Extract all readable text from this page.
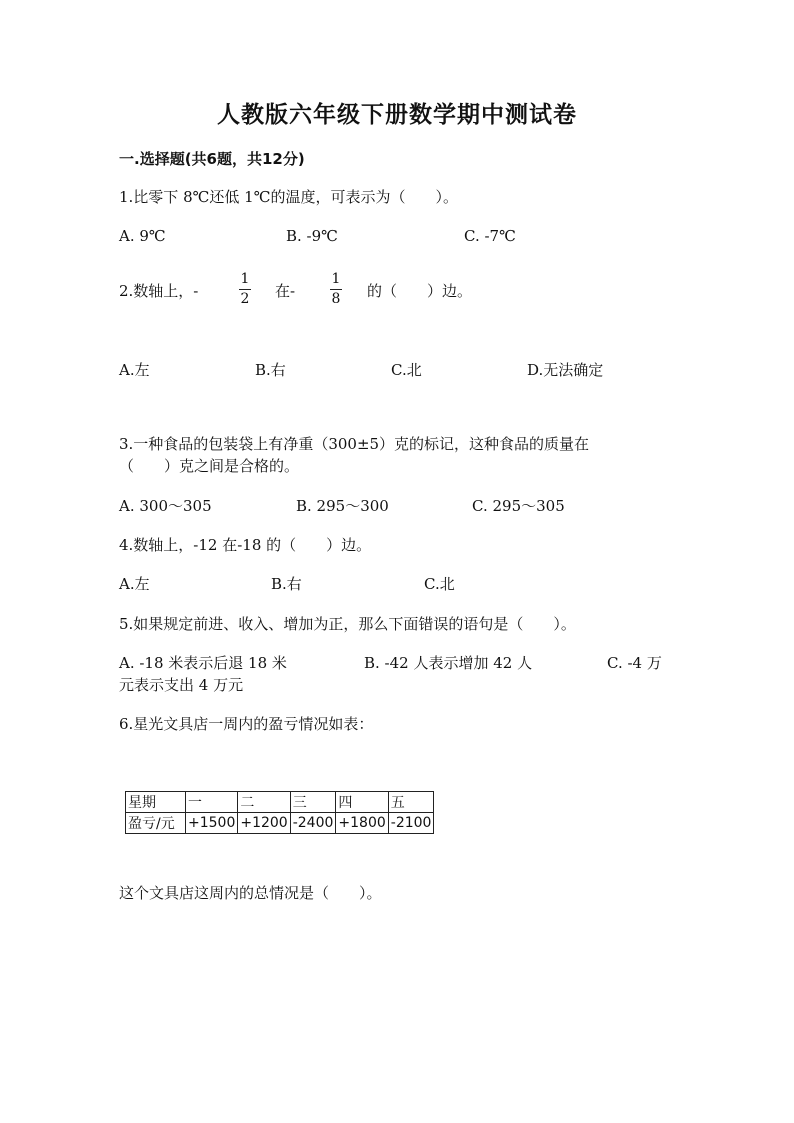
人教版六年级下册数学期中测试卷
一.选择题(共6题，共12分)
1.比零下 8℃还低 1℃的温度，可表示为（　　）。
A. 9℃	B. -9℃	C. -7℃
2.数轴上，-
1
2 在-
1
8 的（　　）边。
A.左	B.右	C.北	D.无法确定
3.一种食品的包装袋上有净重（300±5）克的标记，这种食品的质量在
（　　）克之间是合格的。
A. 300～305	B. 295～300	C. 295～305
4.数轴上，-12 在-18 的（　　）边。
A.左	B.右	C.北
5.如果规定前进、收入、增加为正，那么下面错误的语句是（　　）。
A. -18 米表示后退 18 米	B. -42 人表示增加 42 人	C. -4 万
元表示支出 4 万元
6.星光文具店一周内的盈亏情况如表：
星期	一	二	三	四	五
盈亏/元	+1500	+1200	-2400	+1800	-2100
这个文具店这周内的总情况是（　　）。
